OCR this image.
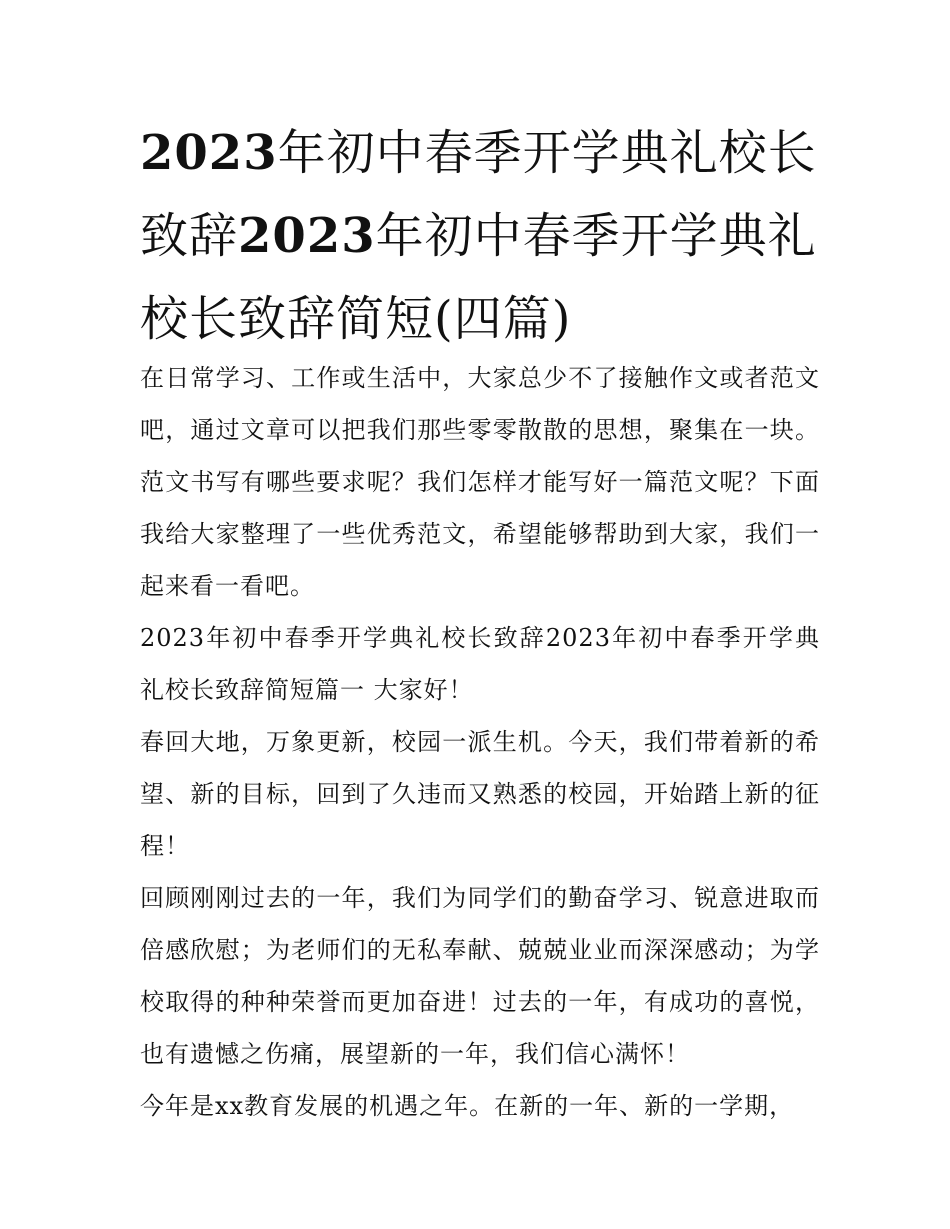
2023年初中春季开学典礼校长致辞2023年初中春季开学典礼校长致辞简短(四篇)

在日常学习、工作或生活中，大家总少不了接触作文或者范文吧，通过文章可以把我们那些零零散散的思想，聚集在一块。范文书写有哪些要求呢？我们怎样才能写好一篇范文呢？下面我给大家整理了一些优秀范文，希望能够帮助到大家，我们一起来看一看吧。

2023年初中春季开学典礼校长致辞2023年初中春季开学典礼校长致辞简短篇一 大家好！

春回大地，万象更新，校园一派生机。今天，我们带着新的希望、新的目标，回到了久违而又熟悉的校园，开始踏上新的征程！

回顾刚刚过去的一年，我们为同学们的勤奋学习、锐意进取而倍感欣慰；为老师们的无私奉献、兢兢业业而深深感动；为学校取得的种种荣誉而更加奋进！过去的一年，有成功的喜悦，也有遗憾之伤痛，展望新的一年，我们信心满怀！

今年是xx教育发展的机遇之年。在新的一年、新的一学期，
